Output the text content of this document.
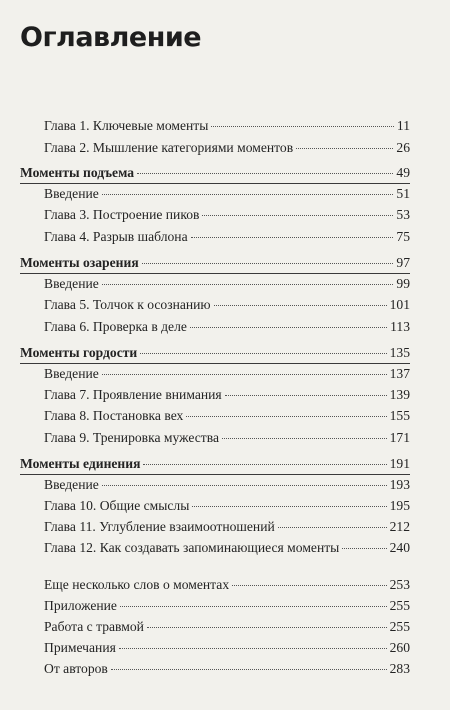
Оглавление
Глава 1. Ключевые моменты	11
Глава 2. Мышление категориями моментов	26
Моменты подъема	49
Введение	51
Глава 3. Построение пиков	53
Глава 4. Разрыв шаблона	75
Моменты озарения	97
Введение	99
Глава 5. Толчок к осознанию	101
Глава 6. Проверка в деле	113
Моменты гордости	135
Введение	137
Глава 7. Проявление внимания	139
Глава 8. Постановка вех	155
Глава 9. Тренировка мужества	171
Моменты единения	191
Введение	193
Глава 10. Общие смыслы	195
Глава 11. Углубление взаимоотношений	212
Глава 12. Как создавать запоминающиеся моменты	240
Еще несколько слов о моментах	253
Приложение	255
Работа с травмой	255
Примечания	260
От авторов	283
